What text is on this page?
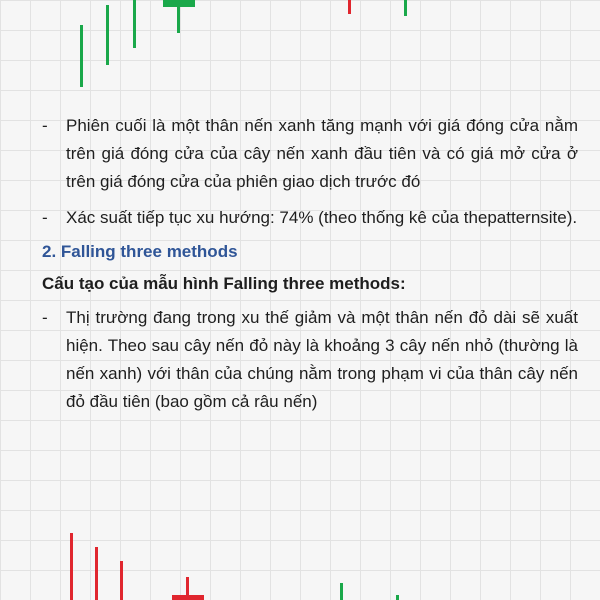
- Phiên cuối là một thân nến xanh tăng mạnh với giá đóng cửa nằm trên giá đóng cửa của cây nến xanh đầu tiên và có giá mở cửa ở trên giá đóng cửa của phiên giao dịch trước đó

- Xác suất tiếp tục xu hướng: 74% (theo thống kê của thepatternsite).

2. Falling three methods
Cấu tạo của mẫu hình Falling three methods:

- Thị trường đang trong xu thế giảm và một thân nến đỏ dài sẽ xuất hiện. Theo sau cây nến đỏ này là khoảng 3 cây nến nhỏ (thường là nến xanh) với thân của chúng nằm trong phạm vi của thân cây nến đỏ đầu tiên (bao gồm cả râu nến)
